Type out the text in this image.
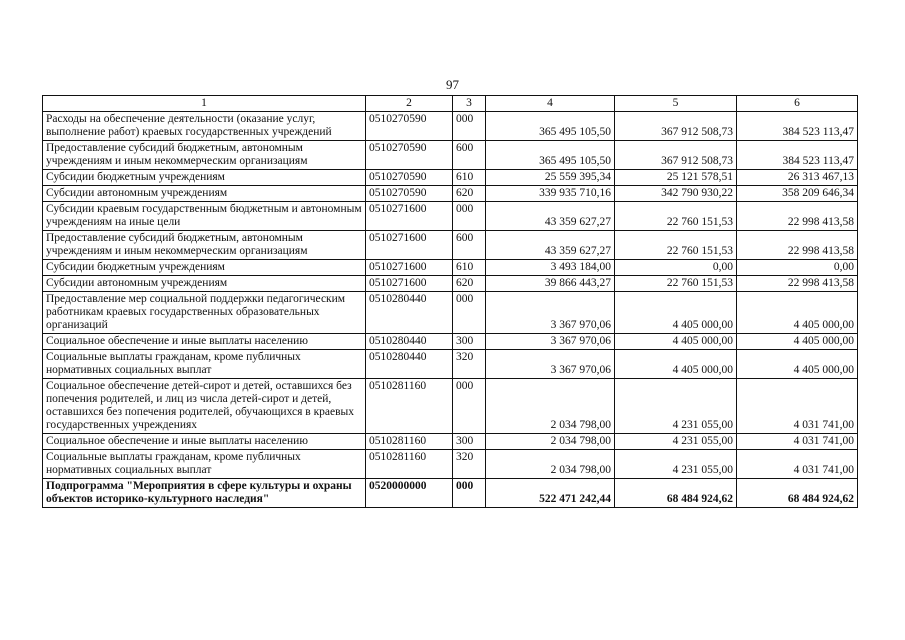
97
1	2	3	4	5	6
Расходы на обеспечение деятельности (оказание услуг, выполнение работ) краевых государственных учреждений	0510270590	000	365 495 105,50	367 912 508,73	384 523 113,47
Предоставление субсидий бюджетным, автономным учреждениям и иным некоммерческим организациям	0510270590	600	365 495 105,50	367 912 508,73	384 523 113,47
Субсидии бюджетным учреждениям	0510270590	610	25 559 395,34	25 121 578,51	26 313 467,13
Субсидии автономным учреждениям	0510270590	620	339 935 710,16	342 790 930,22	358 209 646,34
Субсидии краевым государственным бюджетным и автономным учреждениям на иные цели	0510271600	000	43 359 627,27	22 760 151,53	22 998 413,58
Предоставление субсидий бюджетным, автономным учреждениям и иным некоммерческим организациям	0510271600	600	43 359 627,27	22 760 151,53	22 998 413,58
Субсидии бюджетным учреждениям	0510271600	610	3 493 184,00	0,00	0,00
Субсидии автономным учреждениям	0510271600	620	39 866 443,27	22 760 151,53	22 998 413,58
Предоставление мер социальной поддержки педагогическим работникам краевых государственных образовательных организаций	0510280440	000	3 367 970,06	4 405 000,00	4 405 000,00
Социальное обеспечение и иные выплаты населению	0510280440	300	3 367 970,06	4 405 000,00	4 405 000,00
Социальные выплаты гражданам, кроме публичных нормативных социальных выплат	0510280440	320	3 367 970,06	4 405 000,00	4 405 000,00
Социальное обеспечение детей-сирот и детей, оставшихся без попечения родителей, и лиц из числа детей-сирот и детей, оставшихся без попечения родителей, обучающихся в краевых государственных учреждениях	0510281160	000	2 034 798,00	4 231 055,00	4 031 741,00
Социальное обеспечение и иные выплаты населению	0510281160	300	2 034 798,00	4 231 055,00	4 031 741,00
Социальные выплаты гражданам, кроме публичных нормативных социальных выплат	0510281160	320	2 034 798,00	4 231 055,00	4 031 741,00
Подпрограмма "Мероприятия в сфере культуры и охраны объектов историко-культурного наследия"	0520000000	000	522 471 242,44	68 484 924,62	68 484 924,62
